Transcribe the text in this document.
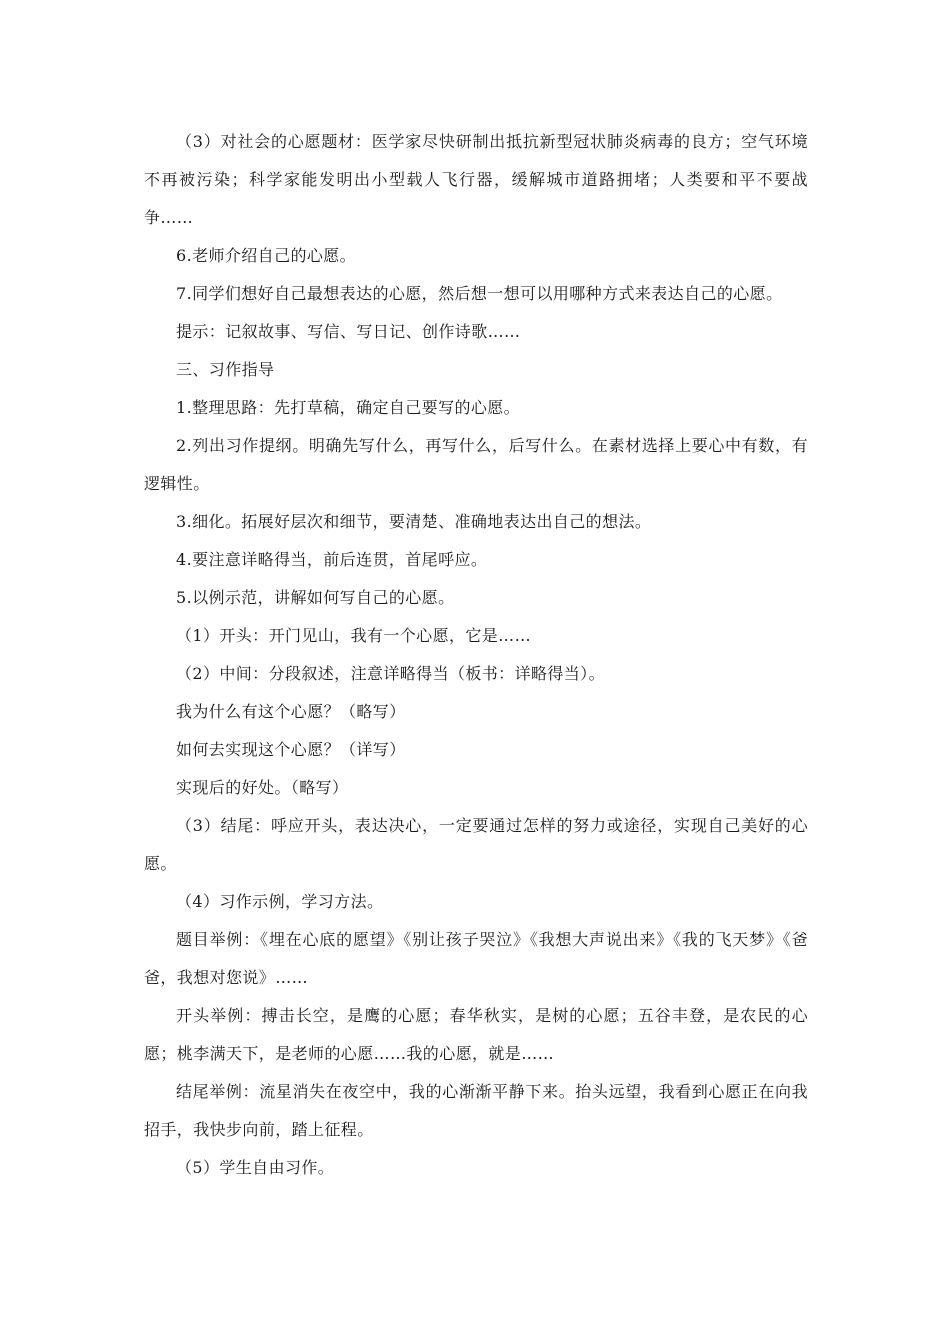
（3）对社会的心愿题材：医学家尽快研制出抵抗新型冠状肺炎病毒的良方；空气环境不再被污染；科学家能发明出小型载人飞行器，缓解城市道路拥堵；人类要和平不要战争……

6.老师介绍自己的心愿。

7.同学们想好自己最想表达的心愿，然后想一想可以用哪种方式来表达自己的心愿。

提示：记叙故事、写信、写日记、创作诗歌……

三、习作指导

1.整理思路：先打草稿，确定自己要写的心愿。

2.列出习作提纲。明确先写什么，再写什么，后写什么。在素材选择上要心中有数，有逻辑性。

3.细化。拓展好层次和细节，要清楚、准确地表达出自己的想法。

4.要注意详略得当，前后连贯，首尾呼应。

5.以例示范，讲解如何写自己的心愿。

（1）开头：开门见山，我有一个心愿，它是……

（2）中间：分段叙述，注意详略得当（板书：详略得当）。

我为什么有这个心愿？（略写）

如何去实现这个心愿？（详写）

实现后的好处。（略写）

（3）结尾：呼应开头，表达决心，一定要通过怎样的努力或途径，实现自己美好的心愿。

（4）习作示例，学习方法。

题目举例：《埋在心底的愿望》《别让孩子哭泣》《我想大声说出来》《我的飞天梦》《爸爸，我想对您说》……

开头举例：搏击长空，是鹰的心愿；春华秋实，是树的心愿；五谷丰登，是农民的心愿；桃李满天下，是老师的心愿……我的心愿，就是……

结尾举例：流星消失在夜空中，我的心渐渐平静下来。抬头远望，我看到心愿正在向我招手，我快步向前，踏上征程。

（5）学生自由习作。
